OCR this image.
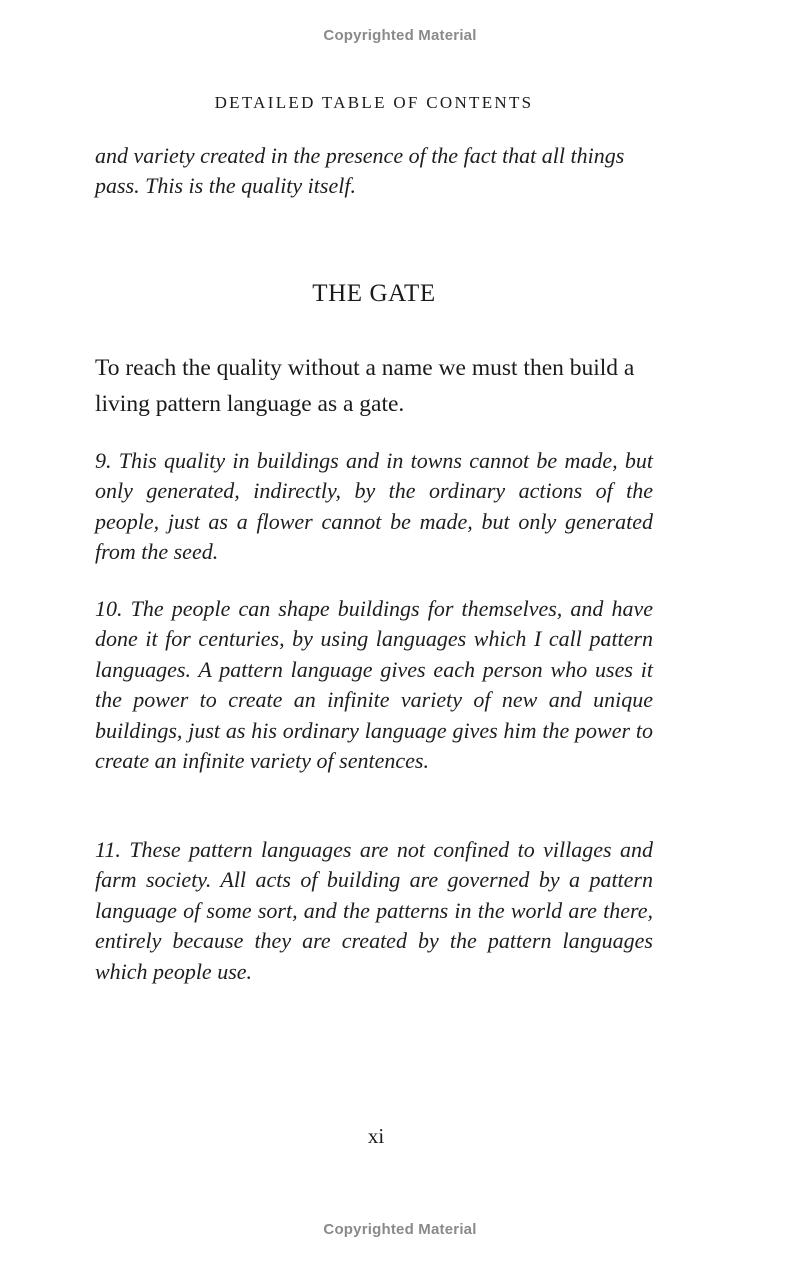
Copyrighted Material
DETAILED TABLE OF CONTENTS
and variety created in the presence of the fact that all things pass. This is the quality itself.
THE GATE
To reach the quality without a name we must then build a living pattern language as a gate.
9. This quality in buildings and in towns cannot be made, but only generated, indirectly, by the ordinary actions of the people, just as a flower cannot be made, but only generated from the seed.
10. The people can shape buildings for themselves, and have done it for centuries, by using languages which I call pattern languages. A pattern language gives each person who uses it the power to create an infinite variety of new and unique buildings, just as his ordinary language gives him the power to create an infinite variety of sentences.
11. These pattern languages are not confined to villages and farm society. All acts of building are governed by a pattern language of some sort, and the patterns in the world are there, entirely because they are created by the pattern languages which people use.
xi
Copyrighted Material
